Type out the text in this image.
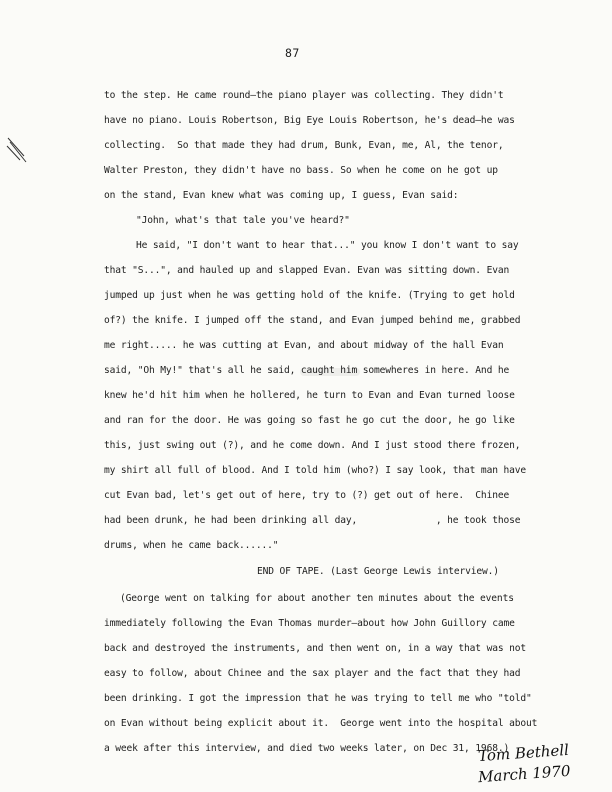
87
to the step. He came round—the piano player was collecting. They didn't
have no piano. Louis Robertson, Big Eye Louis Robertson, he's dead—he was
collecting.  So that made they had drum, Bunk, Evan, me, Al, the tenor,
Walter Preston, they didn't have no bass. So when he come on he got up
on the stand, Evan knew what was coming up, I guess, Evan said:
"John, what's that tale you've heard?"
He said, "I don't want to hear that..." you know I don't want to say
that "S...", and hauled up and slapped Evan. Evan was sitting down. Evan
jumped up just when he was getting hold of the knife. (Trying to get hold
of?) the knife. I jumped off the stand, and Evan jumped behind me, grabbed
me right..... he was cutting at Evan, and about midway of the hall Evan
said, "Oh My!" that's all he said, caught him somewheres in here. And he
knew he'd hit him when he hollered, he turn to Evan and Evan turned loose
and ran for the door. He was going so fast he go cut the door, he go like
this, just swing out (?), and he come down. And I just stood there frozen,
my shirt all full of blood. And I told him (who?) I say look, that man have
cut Evan bad, let's get out of here, try to (?) get out of here.  Chinee
had been drunk, he had been drinking all day,              , he took those
drums, when he came back......"
END OF TAPE. (Last George Lewis interview.)
(George went on talking for about another ten minutes about the events
immediately following the Evan Thomas murder—about how John Guillory came
back and destroyed the instruments, and then went on, in a way that was not
easy to follow, about Chinee and the sax player and the fact that they had
been drinking. I got the impression that he was trying to tell me who "told"
on Evan without being explicit about it.  George went into the hospital about
a week after this interview, and died two weeks later, on Dec 31, 1968.)
Tom Bethell
March 1970
